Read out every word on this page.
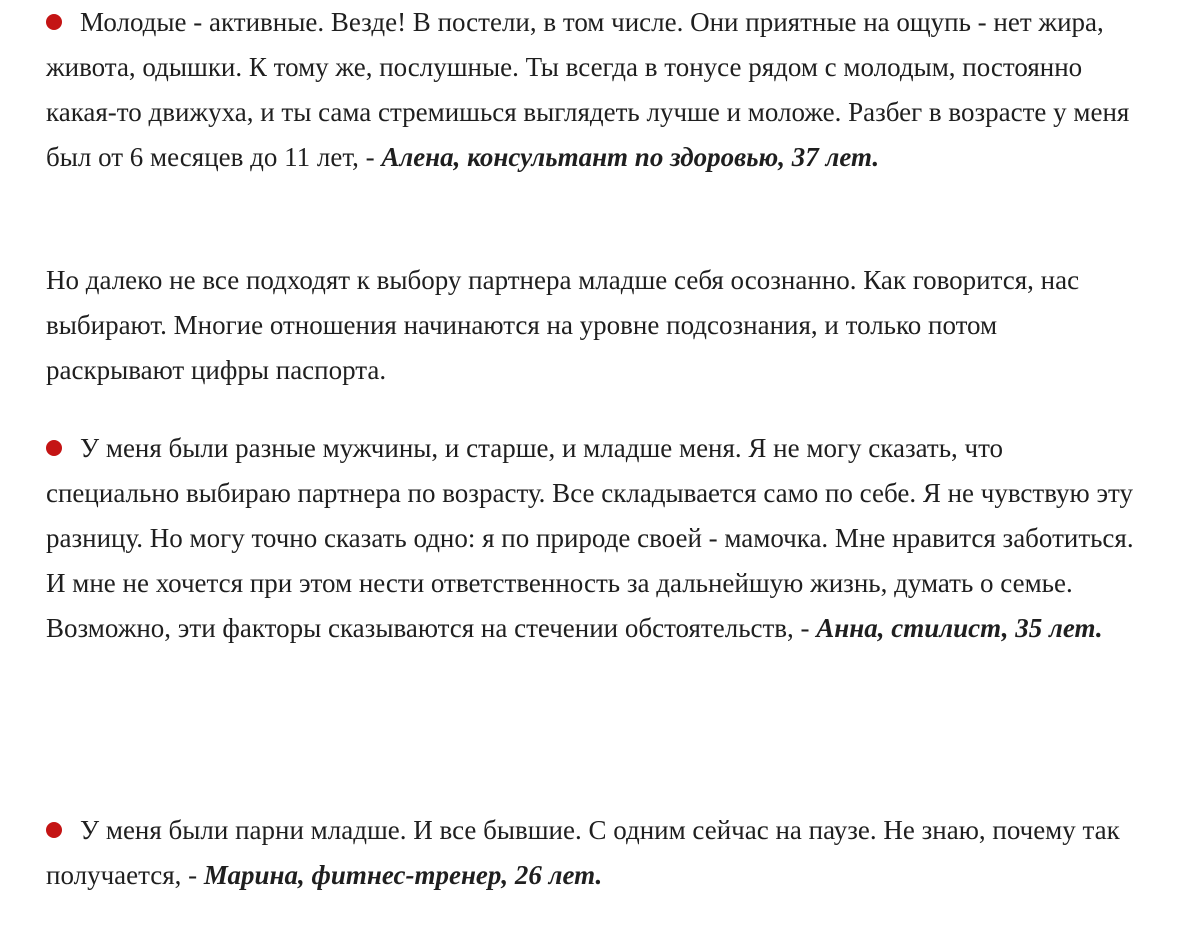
Молодые - активные. Везде! В постели, в том числе. Они приятные на ощупь - нет жира, живота, одышки. К тому же, послушные. Ты всегда в тонусе рядом с молодым, постоянно какая-то движуха, и ты сама стремишься выглядеть лучше и моложе. Разбег в возрасте у меня был от 6 месяцев до 11 лет, - Алена, консультант по здоровью, 37 лет.

Но далеко не все подходят к выбору партнера младше себя осознанно. Как говорится, нас выбирают. Многие отношения начинаются на уровне подсознания, и только потом раскрывают цифры паспорта.

У меня были разные мужчины, и старше, и младше меня. Я не могу сказать, что специально выбираю партнера по возрасту. Все складывается само по себе. Я не чувствую эту разницу. Но могу точно сказать одно: я по природе своей - мамочка. Мне нравится заботиться. И мне не хочется при этом нести ответственность за дальнейшую жизнь, думать о семье. Возможно, эти факторы сказываются на стечении обстоятельств, - Анна, стилист, 35 лет.

У меня были парни младше. И все бывшие. С одним сейчас на паузе. Не знаю, почему так получается, - Марина, фитнес-тренер, 26 лет.
